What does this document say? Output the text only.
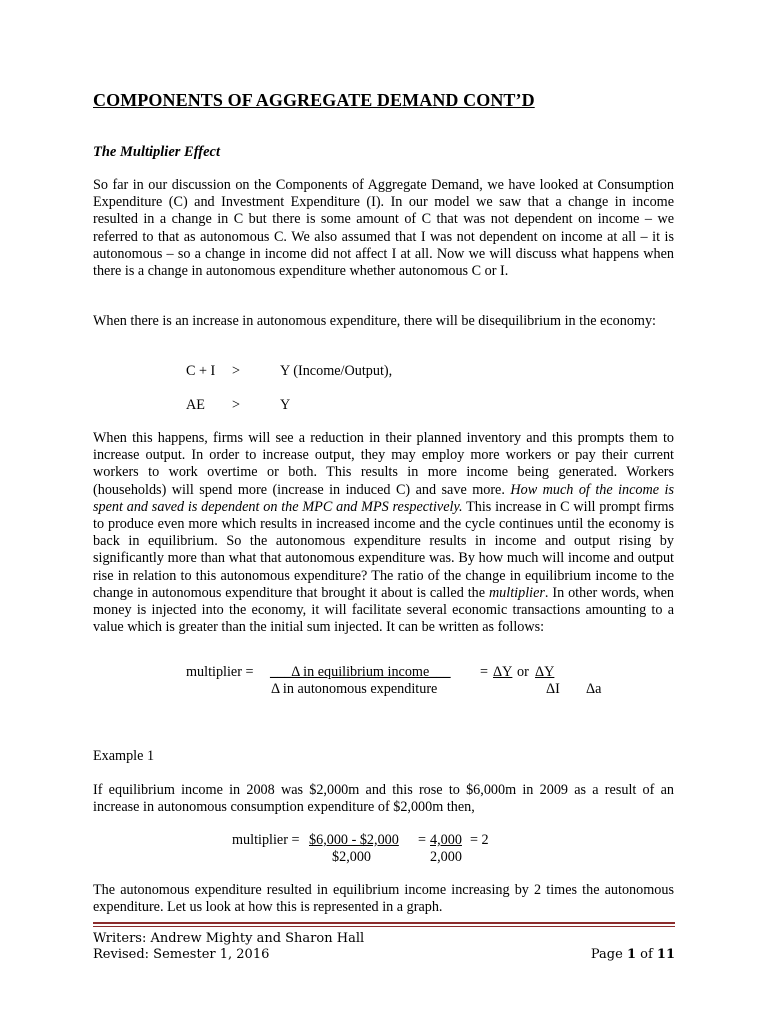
COMPONENTS OF AGGREGATE DEMAND CONT’D
The Multiplier Effect

So far in our discussion on the Components of Aggregate Demand, we have looked at Consumption Expenditure (C) and Investment Expenditure (I). In our model we saw that a change in income resulted in a change in C but there is some amount of C that was not dependent on income – we referred to that as autonomous C. We also assumed that I was not dependent on income at all – it is autonomous – so a change in income did not affect I at all. Now we will discuss what happens when there is a change in autonomous expenditure whether autonomous C or I.

When there is an increase in autonomous expenditure, there will be disequilibrium in the economy:

C + I >	Y (Income/Output),
AE >	Y

When this happens, firms will see a reduction in their planned inventory and this prompts them to increase output. In order to increase output, they may employ more workers or pay their current workers to work overtime or both. This results in more income being generated. Workers (households) will spend more (increase in induced C) and save more. How much of the income is spent and saved is dependent on the MPC and MPS respectively. This increase in C will prompt firms to produce even more which results in increased income and the cycle continues until the economy is back in equilibrium. So the autonomous expenditure results in income and output rising by significantly more than what that autonomous expenditure was. By how much will income and output rise in relation to this autonomous expenditure? The ratio of the change in equilibrium income to the change in autonomous expenditure that brought it about is called the multiplier. In other words, when money is injected into the economy, it will facilitate several economic transactions amounting to a value which is greater than the initial sum injected. It can be written as follows:

multiplier = ___Δ in equilibrium income___ = ΔY or ΔY
Δ in autonomous expenditure	ΔI Δa
Example 1

If equilibrium income in 2008 was $2,000m and this rose to $6,000m in 2009 as a result of an increase in autonomous consumption expenditure of $2,000m then,

multiplier = $6,000 - $2,000 = 4,000 = 2
$2,000	2,000

The autonomous expenditure resulted in equilibrium income increasing by 2 times the autonomous expenditure. Let us look at how this is represented in a graph.

Writers: Andrew Mighty and Sharon Hall
Revised: Semester 1, 2016	Page 1 of 11
